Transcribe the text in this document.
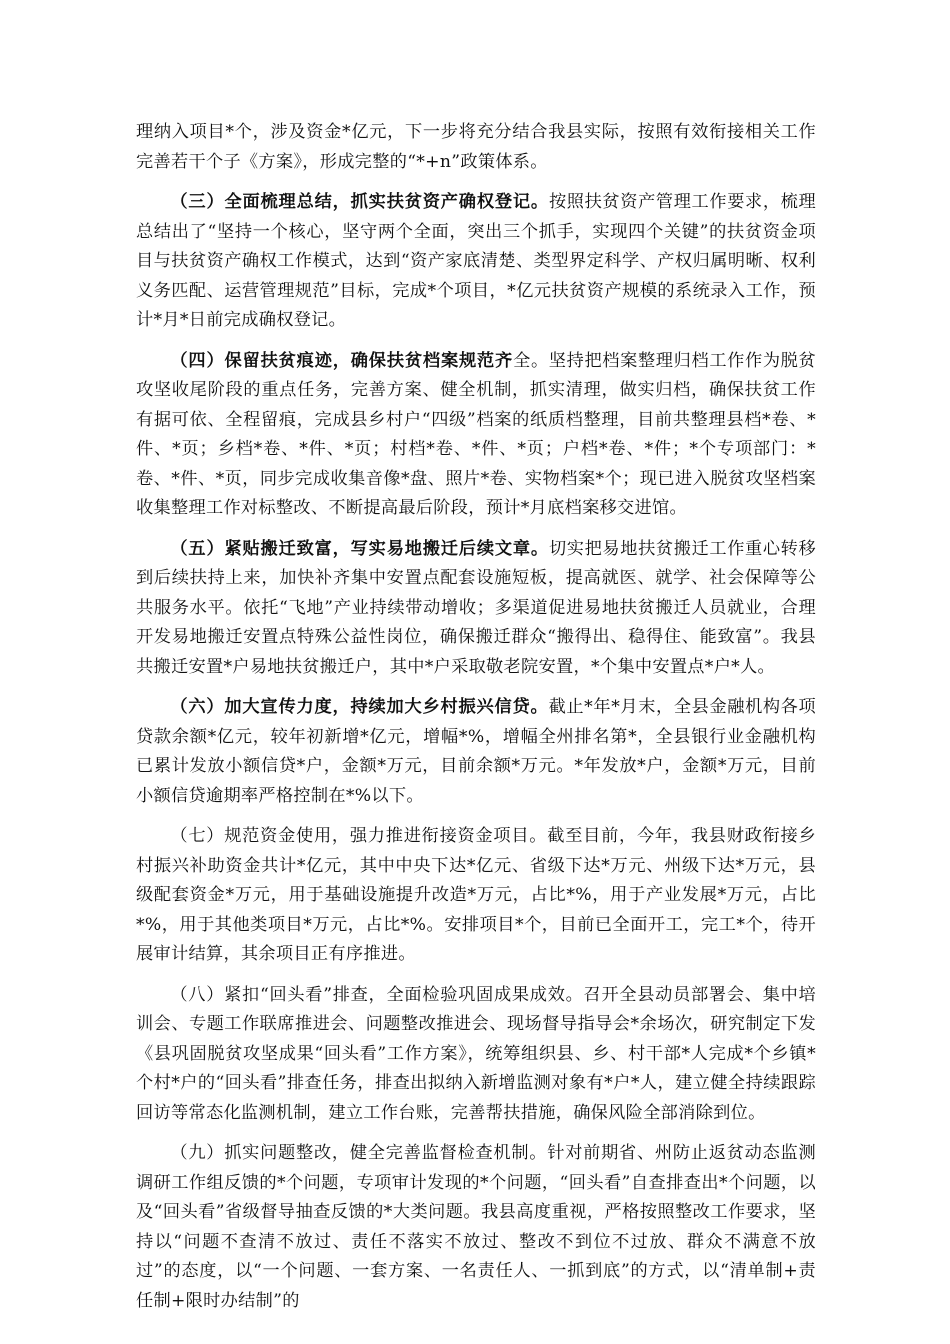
理纳入项目*个，涉及资金*亿元，下一步将充分结合我县实际，按照有效衔接相关工作完善若干个子《方案》，形成完整的“*+n”政策体系。

（三）全面梳理总结，抓实扶贫资产确权登记。按照扶贫资产管理工作要求，梳理总结出了“坚持一个核心，坚守两个全面，突出三个抓手，实现四个关键”的扶贫资金项目与扶贫资产确权工作模式，达到“资产家底清楚、类型界定科学、产权归属明晰、权利义务匹配、运营管理规范”目标，完成*个项目，*亿元扶贫资产规模的系统录入工作，预计*月*日前完成确权登记。

（四）保留扶贫痕迹，确保扶贫档案规范齐全。坚持把档案整理归档工作作为脱贫攻坚收尾阶段的重点任务，完善方案、健全机制，抓实清理，做实归档，确保扶贫工作有据可依、全程留痕，完成县乡村户“四级”档案的纸质档整理，目前共整理县档*卷、*件、*页；乡档*卷、*件、*页；村档*卷、*件、*页；户档*卷、*件；*个专项部门：*卷、*件、*页，同步完成收集音像*盘、照片*卷、实物档案*个；现已进入脱贫攻坚档案收集整理工作对标整改、不断提高最后阶段，预计*月底档案移交进馆。

（五）紧贴搬迁致富，写实易地搬迁后续文章。切实把易地扶贫搬迁工作重心转移到后续扶持上来，加快补齐集中安置点配套设施短板，提高就医、就学、社会保障等公共服务水平。依托“飞地”产业持续带动增收；多渠道促进易地扶贫搬迁人员就业，合理开发易地搬迁安置点特殊公益性岗位，确保搬迁群众“搬得出、稳得住、能致富”。我县共搬迁安置*户易地扶贫搬迁户，其中*户采取敬老院安置，*个集中安置点*户*人。

（六）加大宣传力度，持续加大乡村振兴信贷。截止*年*月末，全县金融机构各项贷款余额*亿元，较年初新增*亿元，增幅*%，增幅全州排名第*，全县银行业金融机构已累计发放小额信贷*户，金额*万元，目前余额*万元。*年发放*户，金额*万元，目前小额信贷逾期率严格控制在*%以下。

（七）规范资金使用，强力推进衔接资金项目。截至目前，今年，我县财政衔接乡村振兴补助资金共计*亿元，其中中央下达*亿元、省级下达*万元、州级下达*万元，县级配套资金*万元，用于基础设施提升改造*万元，占比*%，用于产业发展*万元，占比*%，用于其他类项目*万元，占比*%。安排项目*个，目前已全面开工，完工*个，待开展审计结算，其余项目正有序推进。

（八）紧扣“回头看”排查，全面检验巩固成果成效。召开全县动员部署会、集中培训会、专题工作联席推进会、问题整改推进会、现场督导指导会*余场次，研究制定下发《县巩固脱贫攻坚成果“回头看”工作方案》，统筹组织县、乡、村干部*人完成*个乡镇*个村*户的“回头看”排查任务，排查出拟纳入新增监测对象有*户*人，建立健全持续跟踪回访等常态化监测机制，建立工作台账，完善帮扶措施，确保风险全部消除到位。

（九）抓实问题整改，健全完善监督检查机制。针对前期省、州防止返贫动态监测调研工作组反馈的*个问题，专项审计发现的*个问题，“回头看”自查排查出*个问题，以及“回头看”省级督导抽查反馈的*大类问题。我县高度重视，严格按照整改工作要求，坚持以“问题不查清不放过、责任不落实不放过、整改不到位不过放、群众不满意不放过”的态度，以“一个问题、一套方案、一名责任人、一抓到底”的方式，以“清单制+责任制+限时办结制”的
